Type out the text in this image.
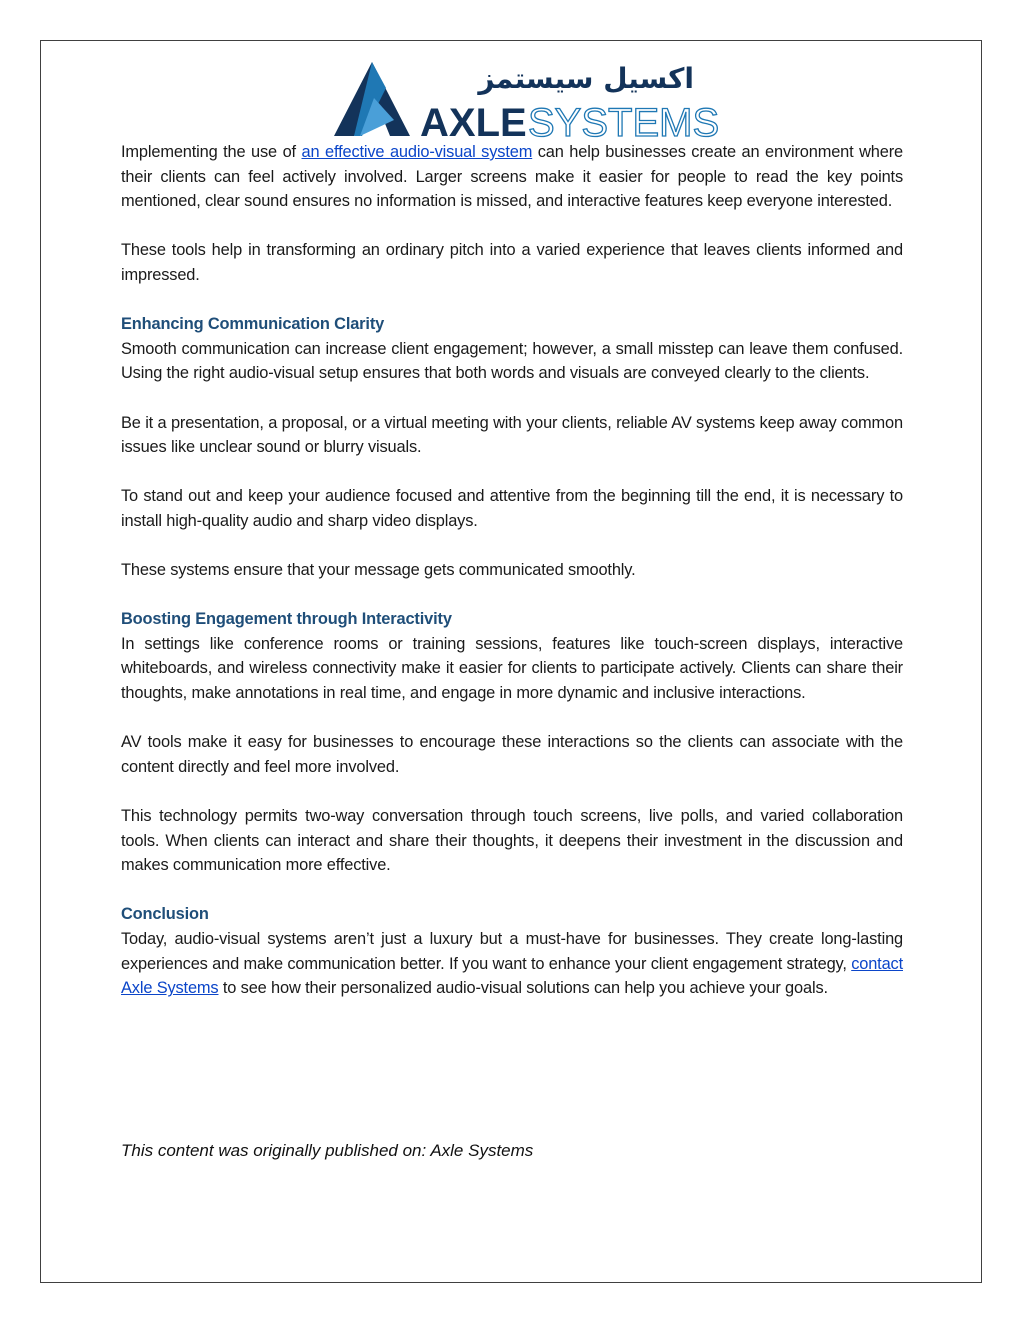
اكسيل سيستمز
AXLE SYSTEMS

Implementing the use of an effective audio-visual system can help businesses create an environment where their clients can feel actively involved. Larger screens make it easier for people to read the key points mentioned, clear sound ensures no information is missed, and interactive features keep everyone interested.

These tools help in transforming an ordinary pitch into a varied experience that leaves clients informed and impressed.

Enhancing Communication Clarity

Smooth communication can increase client engagement; however, a small misstep can leave them confused. Using the right audio-visual setup ensures that both words and visuals are conveyed clearly to the clients.

Be it a presentation, a proposal, or a virtual meeting with your clients, reliable AV systems keep away common issues like unclear sound or blurry visuals.

To stand out and keep your audience focused and attentive from the beginning till the end, it is necessary to install high-quality audio and sharp video displays.

These systems ensure that your message gets communicated smoothly.

Boosting Engagement through Interactivity

In settings like conference rooms or training sessions, features like touch-screen displays, interactive whiteboards, and wireless connectivity make it easier for clients to participate actively. Clients can share their thoughts, make annotations in real time, and engage in more dynamic and inclusive interactions.

AV tools make it easy for businesses to encourage these interactions so the clients can associate with the content directly and feel more involved.

This technology permits two-way conversation through touch screens, live polls, and varied collaboration tools. When clients can interact and share their thoughts, it deepens their investment in the discussion and makes communication more effective.

Conclusion

Today, audio-visual systems aren’t just a luxury but a must-have for businesses. They create long-lasting experiences and make communication better. If you want to enhance your client engagement strategy, contact Axle Systems to see how their personalized audio-visual solutions can help you achieve your goals.

This content was originally published on: Axle Systems
